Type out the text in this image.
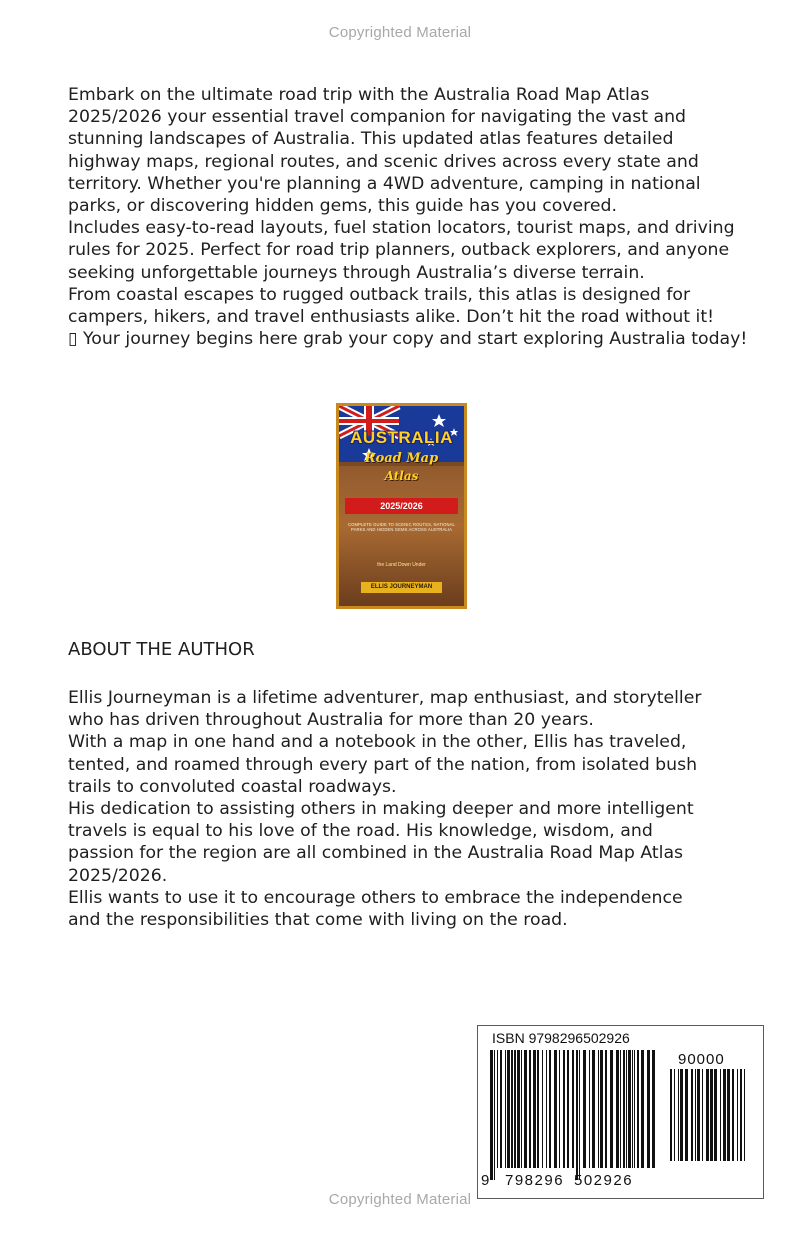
Copyrighted Material

Embark on the ultimate road trip with the Australia Road Map Atlas

2025/2026 your essential travel companion for navigating the vast and

stunning landscapes of Australia. This updated atlas features detailed

highway maps, regional routes, and scenic drives across every state and

territory. Whether you're planning a 4WD adventure, camping in national

parks, or discovering hidden gems, this guide has you covered.

Includes easy-to-read layouts, fuel station locators, tourist maps, and driving

rules for 2025. Perfect for road trip planners, outback explorers, and anyone

seeking unforgettable journeys through Australia’s diverse terrain.

From coastal escapes to rugged outback trails, this atlas is designed for

campers, hikers, and travel enthusiasts alike. Don’t hit the road without it!

▯ Your journey begins here grab your copy and start exploring Australia today!

AUSTRALIA
Road Map
Atlas
2025/2026
COMPLETE GUIDE TO SCENIC ROUTES, NATIONAL PARKS AND HIDDEN GEMS ACROSS AUSTRALIA
the Land Down Under
ELLIS JOURNEYMAN
ABOUT THE AUTHOR

Ellis Journeyman is a lifetime adventurer, map enthusiast, and storyteller

who has driven throughout Australia for more than 20 years.

With a map in one hand and a notebook in the other, Ellis has traveled,

tented, and roamed through every part of the nation, from isolated bush

trails to convoluted coastal roadways.

His dedication to assisting others in making deeper and more intelligent

travels is equal to his love of the road. His knowledge, wisdom, and

passion for the region are all combined in the Australia Road Map Atlas

2025/2026.

Ellis wants to use it to encourage others to embrace the independence

and the responsibilities that come with living on the road.

ISBN 9798296502926
90000
9 798296 502926
Copyrighted Material
